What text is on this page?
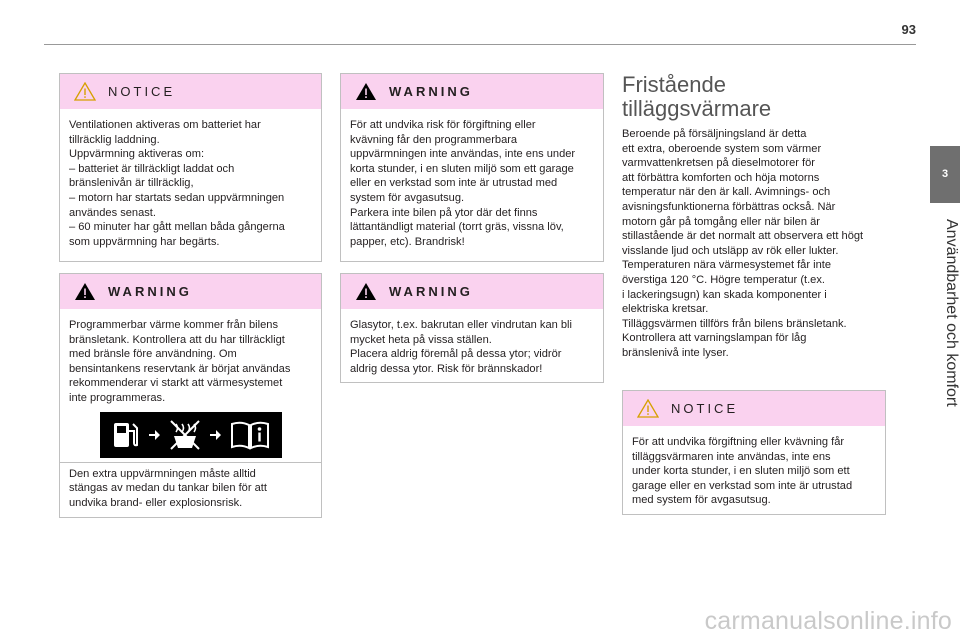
93
3
Användbarhet och komfort
NOTICE
Ventilationen aktiveras om batteriet har
tillräcklig laddning.
Uppvärmning aktiveras om:
– batteriet är tillräckligt laddat och
bränslenivån är tillräcklig,
– motorn har startats sedan uppvärmningen
användes senast.
– 60 minuter har gått mellan båda gångerna
som uppvärmning har begärts.
WARNING
Programmerbar värme kommer från bilens
bränsletank. Kontrollera att du har tillräckligt
med bränsle före användning. Om
bensintankens reservtank är börjat användas
rekommenderar vi starkt att värmesystemet
inte programmeras.
Den extra uppvärmningen måste alltid
stängas av medan du tankar bilen för att
undvika brand- eller explosionsrisk.
WARNING
För att undvika risk för förgiftning eller
kvävning får den programmerbara
uppvärmningen inte användas, inte ens under
korta stunder, i en sluten miljö som ett garage
eller en verkstad som inte är utrustad med
system för avgasutsug.
Parkera inte bilen på ytor där det finns
lättantändligt material (torrt gräs, vissna löv,
papper, etc). Brandrisk!
WARNING
Glasytor, t.ex. bakrutan eller vindrutan kan bli
mycket heta på vissa ställen.
Placera aldrig föremål på dessa ytor; vidrör
aldrig dessa ytor. Risk för brännskador!
Fristående
tilläggsvärmare
Beroende på försäljningsland är detta
ett extra, oberoende system som värmer
varmvattenkretsen på dieselmotorer för
att förbättra komforten och höja motorns
temperatur när den är kall. Avimnings- och
avisningsfunktionerna förbättras också. När
motorn går på tomgång eller när bilen är
stillastående är det normalt att observera ett högt
visslande ljud och utsläpp av rök eller lukter.
Temperaturen nära värmesystemet får inte
överstiga 120 °C. Högre temperatur (t.ex.
i lackeringsugn) kan skada komponenter i
elektriska kretsar.
Tilläggsvärmen tillförs från bilens bränsletank.
Kontrollera att varningslampan för låg
bränslenivå inte lyser.
NOTICE
För att undvika förgiftning eller kvävning får
tilläggsvärmaren inte användas, inte ens
under korta stunder, i en sluten miljö som ett
garage eller en verkstad som inte är utrustad
med system för avgasutsug.
carmanualsonline.info
